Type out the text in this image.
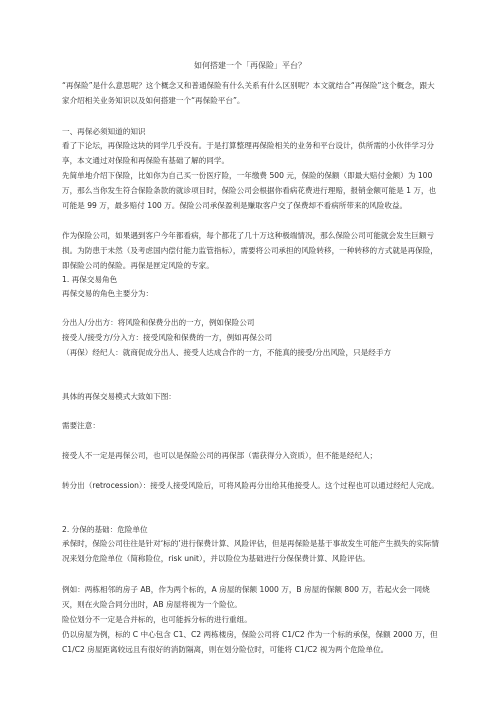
如何搭建一个「再保险」平台？

“再保险”是什么意思呢？这个概念又和普通保险有什么关系有什么区别呢？本文就结合“再保险”这个概念，跟大家介绍相关业务知识以及如何搭建一个“再保险平台”。

一、再保必须知道的知识

看了下论坛，再保险这块的同学几乎没有。于是打算整理再保险相关的业务和平台设计，供所需的小伙伴学习分享，本文通过对保险和再保险有基础了解的同学。

先简单地介绍下保险，比如你为自己买一份医疗险，一年缴费 500 元，保险的保额（即最大赔付金额）为 100 万，那么当你发生符合保险条款的就诊项目时，保险公司会根据你看病花费进行理赔，报销金额可能是 1 万，也可能是 99 万，最多赔付 100 万。保险公司承保盈利是赚取客户交了保费却不看病所带来的风险收益。

作为保险公司，如果遇到客户今年都看病，每个都花了几十万这种极端情况，那么保险公司可能就会发生巨额亏损。为防患于未然（及考虑国内偿付能力监管指标），需要将公司承担的风险转移，一种转移的方式就是再保险，即保险公司的保险。再保是匣定风险的专家。

1. 再保交易角色

再保交易的角色主要分为：

分出人/分出方：将风险和保费分出的一方，例如保险公司

接受人/接受方/分入方：接受风险和保费的一方，例如再保公司

（再保）经纪人：就商促成分出人、接受人达成合作的一方，不能真的接受/分出风险，只是经手方

具体的再保交易模式大致如下图：

需要注意：

接受人不一定是再保公司，也可以是保险公司的再保部（需获得分入资质），但不能是经纪人；

转分出（retrocession）：接受人接受风险后，可将风险再分出给其他接受人。这个过程也可以通过经纪人完成。

2. 分保的基础：危险单位

承保时，保险公司往往是针对‘标的’进行保费计算、风险评估，但是再保险是基于事故发生可能产生损失的实际情况来划分危险单位（简称险位，risk unit），并以险位为基础进行分保保费计算、风险评估。

例如：两栋相邻的房子 AB，作为两个标的，A 房屋的保额 1000 万，B 房屋的保额 800 万，若起火会一同烧灭，则在火险合同分出时，AB 房屋将视为一个险位。

险位划分不一定是合并标的，也可能拆分标的进行重组。

仍以房屋为例，标的 C 中心包含 C1、C2 两栋楼房，保险公司将 C1/C2 作为一个标的承保，保额 2000 万，但 C1/C2 房屋距离较远且有很好的消防隔离，则在划分险位时，可能将 C1/C2 视为两个危险单位。
